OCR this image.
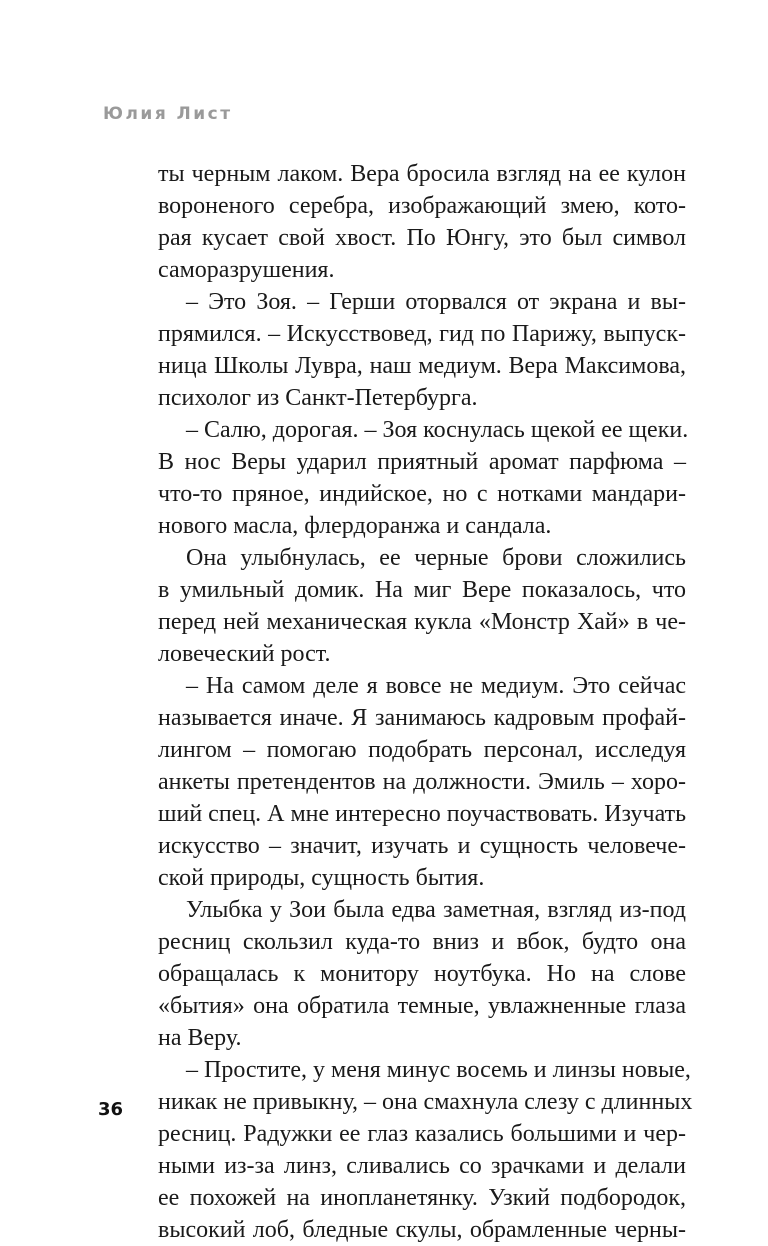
Юлия Лист
ты черным лаком. Вера бросила взгляд на ее кулон
вороненого серебра, изображающий змею, кото-
рая кусает свой хвост. По Юнгу, это был символ
саморазрушения.
– Это Зоя. – Герши оторвался от экрана и вы-
прямился. – Искусствовед, гид по Парижу, выпуск-
ница Школы Лувра, наш медиум. Вера Максимова,
психолог из Санкт-Петербурга.
– Салю, дорогая. – Зоя коснулась щекой ее щеки.
В нос Веры ударил приятный аромат парфюма –
что-то пряное, индийское, но с нотками мандари-
нового масла, флердоранжа и сандала.
Она улыбнулась, ее черные брови сложились
в умильный домик. На миг Вере показалось, что
перед ней механическая кукла «Монстр Хай» в че-
ловеческий рост.
– На самом деле я вовсе не медиум. Это сейчас
называется иначе. Я занимаюсь кадровым профай-
лингом – помогаю подобрать персонал, исследуя
анкеты претендентов на должности. Эмиль – хоро-
ший спец. А мне интересно поучаствовать. Изучать
искусство – значит, изучать и сущность человече-
ской природы, сущность бытия.
Улыбка у Зои была едва заметная, взгляд из-под
ресниц скользил куда-то вниз и вбок, будто она
обращалась к монитору ноутбука. Но на слове
«бытия» она обратила темные, увлажненные глаза
на Веру.
– Простите, у меня минус восемь и линзы новые,
никак не привыкну, – она смахнула слезу с длинных
ресниц. Радужки ее глаз казались большими и чер-
ными из-за линз, сливались со зрачками и делали
ее похожей на инопланетянку. Узкий подбородок,
высокий лоб, бледные скулы, обрамленные черны-
36
